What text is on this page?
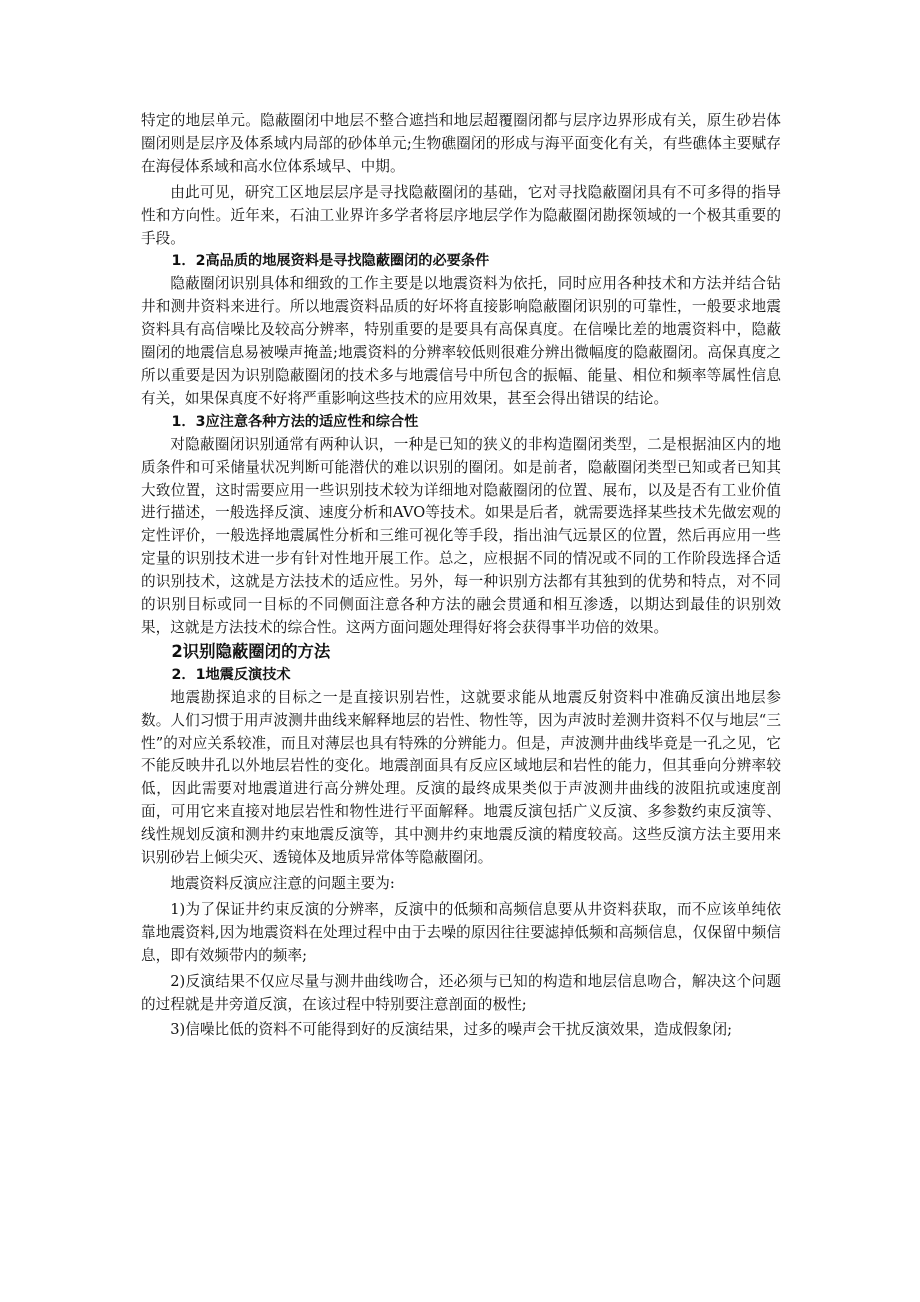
特定的地层单元。隐蔽圈闭中地层不整合遮挡和地层超覆圈闭都与层序边界形成有关，原生砂岩体圈闭则是层序及体系域内局部的砂体单元;生物礁圈闭的形成与海平面变化有关，有些礁体主要赋存在海侵体系域和高水位体系域早、中期。

由此可见，研究工区地层层序是寻找隐蔽圈闭的基础，它对寻找隐蔽圈闭具有不可多得的指导性和方向性。近年来，石油工业界许多学者将层序地层学作为隐蔽圈闭勘探领域的一个极其重要的手段。

1．2高品质的地展资料是寻找隐蔽圈闭的必要条件

隐蔽圈闭识别具体和细致的工作主要是以地震资料为依托，同时应用各种技术和方法并结合钻井和测井资料来进行。所以地震资料品质的好坏将直接影响隐蔽圈闭识别的可靠性，一般要求地震资料具有高信噪比及较高分辨率，特别重要的是要具有高保真度。在信噪比差的地震资料中，隐蔽圈闭的地震信息易被噪声掩盖;地震资料的分辨率较低则很难分辨出微幅度的隐蔽圈闭。高保真度之所以重要是因为识别隐蔽圈闭的技术多与地震信号中所包含的振幅、能量、相位和频率等属性信息有关，如果保真度不好将严重影响这些技术的应用效果，甚至会得出错误的结论。

1．3应注意各种方法的适应性和综合性

对隐蔽圈闭识别通常有两种认识，一种是已知的狭义的非构造圈闭类型，二是根据油区内的地质条件和可采储量状况判断可能潜伏的难以识别的圈闭。如是前者，隐蔽圈闭类型已知或者已知其大致位置，这时需要应用一些识别技术较为详细地对隐蔽圈闭的位置、展布，以及是否有工业价值进行描述，一般选择反演、速度分析和AVO等技术。如果是后者，就需要选择某些技术先做宏观的定性评价，一般选择地震属性分析和三维可视化等手段，指出油气远景区的位置，然后再应用一些定量的识别技术进一步有针对性地开展工作。总之，应根据不同的情况或不同的工作阶段选择合适的识别技术，这就是方法技术的适应性。另外，每一种识别方法都有其独到的优势和特点，对不同的识别目标或同一目标的不同侧面注意各种方法的融会贯通和相互渗透，以期达到最佳的识别效果，这就是方法技术的综合性。这两方面问题处理得好将会获得事半功倍的效果。

2识别隐蔽圈闭的方法

2．1地震反演技术

地震勘探追求的目标之一是直接识别岩性，这就要求能从地震反射资料中准确反演出地层参数。人们习惯于用声波测井曲线来解释地层的岩性、物性等，因为声波时差测井资料不仅与地层“三性”的对应关系较准，而且对薄层也具有特殊的分辨能力。但是，声波测井曲线毕竟是一孔之见，它不能反映井孔以外地层岩性的变化。地震剖面具有反应区域地层和岩性的能力，但其垂向分辨率较低，因此需要对地震道进行高分辨处理。反演的最终成果类似于声波测井曲线的波阻抗或速度剖面，可用它来直接对地层岩性和物性进行平面解释。地震反演包括广义反演、多参数约束反演等、线性规划反演和测井约束地震反演等，其中测井约束地震反演的精度较高。这些反演方法主要用来识别砂岩上倾尖灭、透镜体及地质异常体等隐蔽圈闭。

地震资料反演应注意的问题主要为:

1)为了保证井约束反演的分辨率，反演中的低频和高频信息要从井资料获取，而不应该单纯依靠地震资料,因为地震资料在处理过程中由于去噪的原因往往要滤掉低频和高频信息，仅保留中频信息，即有效频带内的频率;

2)反演结果不仅应尽量与测井曲线吻合，还必须与已知的构造和地层信息吻合，解决这个问题的过程就是井旁道反演，在该过程中特别要注意剖面的极性;

3)信噪比低的资料不可能得到好的反演结果，过多的噪声会干扰反演效果，造成假象闭;
